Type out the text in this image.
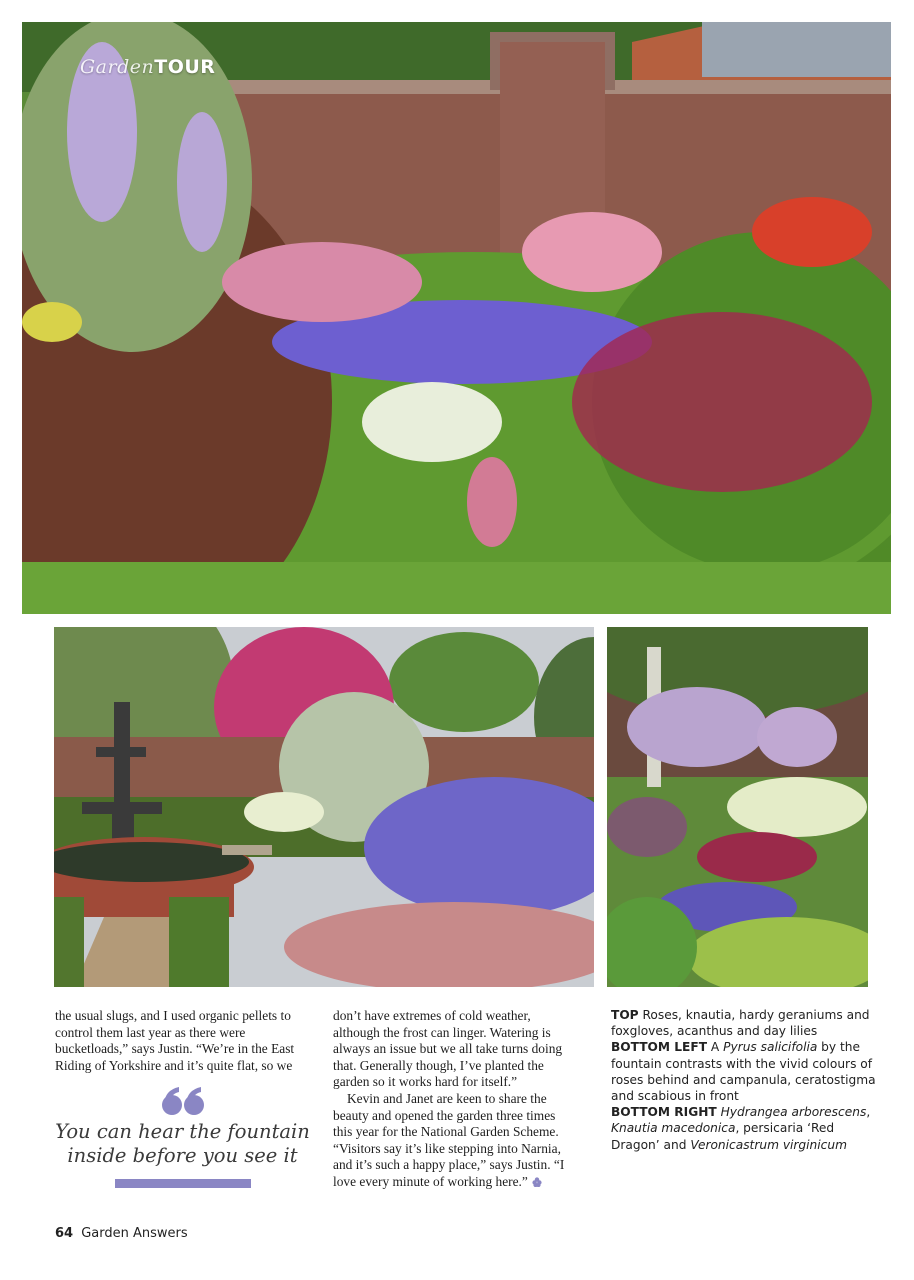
GardenTOUR

the usual slugs, and I used organic pellets to control them last year as there were bucketloads,” says Justin. “We’re in the East Riding of Yorkshire and it’s quite flat, so we

You can hear the fountain inside before you see it

don’t have extremes of cold weather, although the frost can linger. Watering is always an issue but we all take turns doing that. Generally though, I’ve planted the garden so it works hard for itself.”

Kevin and Janet are keen to share the beauty and opened the garden three times this year for the National Garden Scheme. “Visitors say it’s like stepping into Narnia, and it’s such a happy place,” says Justin. “I love every minute of working here.”

TOP Roses, knautia, hardy geraniums and foxgloves, acanthus and day lilies

BOTTOM LEFT A Pyrus salicifolia by the fountain contrasts with the vivid colours of roses behind and campanula, ceratostigma and scabious in front

BOTTOM RIGHT Hydrangea arborescens, Knautia macedonica, persicaria ‘Red Dragon’ and Veronicastrum virginicum

64 Garden Answers
